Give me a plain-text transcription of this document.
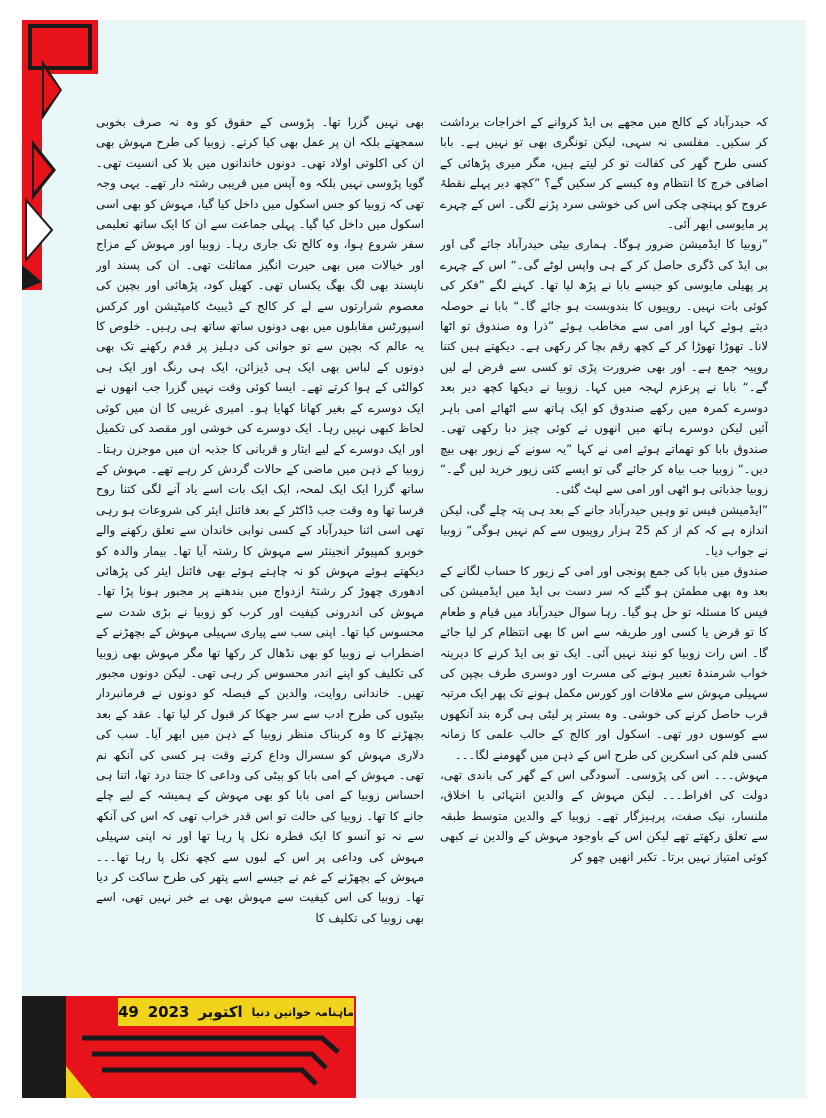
کہ حیدرآباد کے کالج میں مجھے بی ایڈ کروانے کے اخراجات برداشت کر سکیں۔ مفلسی نہ سہی، لیکن تونگری بھی تو نہیں ہے۔ بابا کسی طرح گھر کی کفالت تو کر لیتے ہیں، مگر میری پڑھائی کے اضافی خرچ کا انتظام وہ کیسے کر سکیں گے؟ ”کچھ دیر پہلے نقطۂ عروج کو پہنچی چکی اس کی خوشی سرد پڑنے لگی۔ اس کے چہرے پر مایوسی ابھر آئی۔

”زوبیا کا ایڈمیشن ضرور ہوگا۔ ہماری بیٹی حیدرآباد جائے گی اور بی ایڈ کی ڈگری حاصل کر کے ہی واپس لوٹے گی۔“ اس کے چہرے پر پھیلی مایوسی کو جیسے بابا نے پڑھ لیا تھا۔ کہنے لگے ”فکر کی کوئی بات نہیں۔ روپیوں کا بندوبست ہو جائے گا۔“ بابا نے حوصلہ دیتے ہوئے کہا اور امی سے مخاطب ہوئے ”ذرا وہ صندوق تو اٹھا لانا۔ تھوڑا تھوڑا کر کے کچھ رقم بچا کر رکھی ہے۔ دیکھتے ہیں کتنا روپیہ جمع ہے۔ اور بھی ضرورت پڑی تو کسی سے قرض لے لیں گے۔“ بابا نے پرعزم لہجہ میں کہا۔ زوبیا نے دیکھا کچھ دیر بعد دوسرے کمرہ میں رکھے صندوق کو ایک ہاتھ سے اٹھائے امی باہر آئیں لیکن دوسرے ہاتھ میں انھوں نے کوئی چیز دبا رکھی تھی۔ صندوق بابا کو تھماتے ہوئے امی نے کہا ”یہ سونے کے زیور بھی بیچ دیں۔“ زوبیا جب بیاہ کر جائے گی تو ایسے کئی زیور خرید لیں گے۔“ زوبیا جذباتی ہو اٹھی اور امی سے لپٹ گئی۔

”ایڈمیشن فیس تو وہیں حیدرآباد جانے کے بعد ہی پتہ چلے گی، لیکن اندازہ ہے کہ کم از کم 25 ہزار روپیوں سے کم نہیں ہوگی“ زوبیا نے جواب دیا۔

صندوق میں بابا کی جمع پونجی اور امی کے زیور کا حساب لگانے کے بعد وہ بھی مطمئن ہو گئے کہ سر دست بی ایڈ میں ایڈمیشن کی فیس کا مسئلہ تو حل ہو گیا۔ رہا سوال حیدرآباد میں قیام و طعام کا تو قرض یا کسی اور طریقہ سے اس کا بھی انتظام کر لیا جائے گا۔ اس رات زوبیا کو نیند نہیں آئی۔ ایک تو بی ایڈ کرنے کا دیرینہ خواب شرمندۂ تعبیر ہونے کی مسرت اور دوسری طرف بچپن کی سہیلی مہوش سے ملاقات اور کورس مکمل ہونے تک پھر ایک مرتبہ قرب حاصل کرنے کی خوشی۔ وہ بستر پر لیٹی ہی گرہ بند آنکھوں سے کوسوں دور تھی۔ اسکول اور کالج کے حالب علمی کا زمانہ کسی فلم کی اسکرین کی طرح اس کے ذہن میں گھومنے لگا۔۔۔

مہوش۔۔۔ اس کی پڑوسی۔ آسودگی اس کے گھر کی باندی تھی، دولت کی افراط۔۔۔ لیکن مہوش کے والدین انتہائی با اخلاق، ملنسار، نیک صفت، پرہیزگار تھے۔ زوبیا کے والدین متوسط طبقہ سے تعلق رکھتے تھے لیکن اس کے باوجود مہوش کے والدین نے کبھی کوئی امتیاز نہیں برتا۔ تکبر انھیں چھو کر

بھی نہیں گزرا تھا۔ پڑوسی کے حقوق کو وہ نہ صرف بخوبی سمجھتے بلکہ ان پر عمل بھی کیا کرتے۔ زوبیا کی طرح مہوش بھی ان کی اکلوتی اولاد تھی۔ دونوں خاندانوں میں بلا کی انسیت تھی۔ گویا پڑوسی نہیں بلکہ وہ آپس میں قریبی رشتہ دار تھے۔ یہی وجہ تھی کہ زوبیا کو جس اسکول میں داخل کیا گیا، مہوش کو بھی اسی اسکول میں داخل کیا گیا۔ پہلی جماعت سے ان کا ایک ساتھ تعلیمی سفر شروع ہوا، وہ کالج تک جاری رہا۔ زوبیا اور مہوش کے مزاج اور خیالات میں بھی حیرت انگیز مماثلت تھی۔ ان کی پسند اور ناپسند بھی لگ بھگ یکساں تھی۔ کھیل کود، پڑھائی اور بچپن کی معصوم شرارتوں سے لے کر کالج کے ڈیبیٹ کامپٹیشن اور کرکس اسپورٹس مقابلوں میں بھی دونوں ساتھ ساتھ ہی رہیں۔ خلوص کا یہ عالم کہ بچپن سے تو جوانی کی دہلیز پر قدم رکھنے تک بھی دونوں کے لباس بھی ایک ہی ڈیزائن، ایک ہی رنگ اور ایک ہی کوالٹی کے ہوا کرتے تھے۔ ایسا کوئی وقت نہیں گزرا جب انھوں نے ایک دوسرے کے بغیر کھانا کھایا ہو۔ امیری غریبی کا ان میں کوئی لحاظ کبھی نہیں رہا۔ ایک دوسرے کی خوشی اور مقصد کی تکمیل اور ایک دوسرے کے لیے ایثار و قربانی کا جذبہ ان میں موجزن رہتا۔ زوبیا کے ذہن میں ماضی کے حالات گردش کر رہے تھے۔ مہوش کے ساتھ گزرا ایک ایک لمحہ، ایک ایک بات اسے یاد آنے لگی کتنا روح فرسا تھا وہ وقت جب ڈاکٹر کے بعد فائنل ایئر کی شروعات ہو رہی تھی اسی اثنا حیدرآباد کے کسی نوابی خاندان سے تعلق رکھنے والے خوبرو کمپیوٹر انجینئر سے مہوش کا رشتہ آیا تھا۔ بیمار والدہ کو دیکھتے ہوئے مہوش کو نہ چاہتے ہوئے بھی فائنل ایئر کی پڑھائی ادھوری چھوڑ کر رشتۂ ازدواج میں بندھنے پر مجبور ہونا پڑا تھا۔ مہوش کی اندرونی کیفیت اور کرب کو زوبیا نے بڑی شدت سے محسوس کیا تھا۔ اپنی سب سے پیاری سہیلی مہوش کے بچھڑنے کے اضطراب نے زوبیا کو بھی نڈھال کر رکھا تھا مگر مہوش بھی زوبیا کی تکلیف کو اپنے اندر محسوس کر رہی تھی۔ لیکن دونوں مجبور تھیں۔ خاندانی روایت، والدین کے فیصلہ کو دونوں نے فرمانبردار بیٹیوں کی طرح ادب سے سر جھکا کر قبول کر لیا تھا۔ عقد کے بعد بچھڑنے کا وہ کربناک منظر زوبیا کے ذہن میں ابھر آیا۔ سب کی دلاری مہوش کو سسرال وداع کرتے وقت ہر کسی کی آنکھ نم تھی۔ مہوش کے امی بابا کو بیٹی کی وداعی کا جتنا درد تھا، اتنا ہی احساس زوبیا کے امی بابا کو بھی مہوش کے ہمیشہ کے لیے چلے جانے کا تھا۔ زوبیا کی حالت تو اس قدر خراب تھی کہ اس کی آنکھ سے نہ تو آنسو کا ایک قطرہ نکل پا رہا تھا اور نہ اپنی سہیلی مہوش کی وداعی پر اس کے لبوں سے کچھ نکل پا رہا تھا۔۔۔ مہوش کے بچھڑنے کے غم نے جیسے اسے پتھر کی طرح ساکت کر دیا تھا۔ زوبیا کی اس کیفیت سے مہوش بھی بے خبر نہیں تھی، اسے بھی زوبیا کی تکلیف کا

ماہنامہ خواتین دنیا
اکتوبر
2023
49
